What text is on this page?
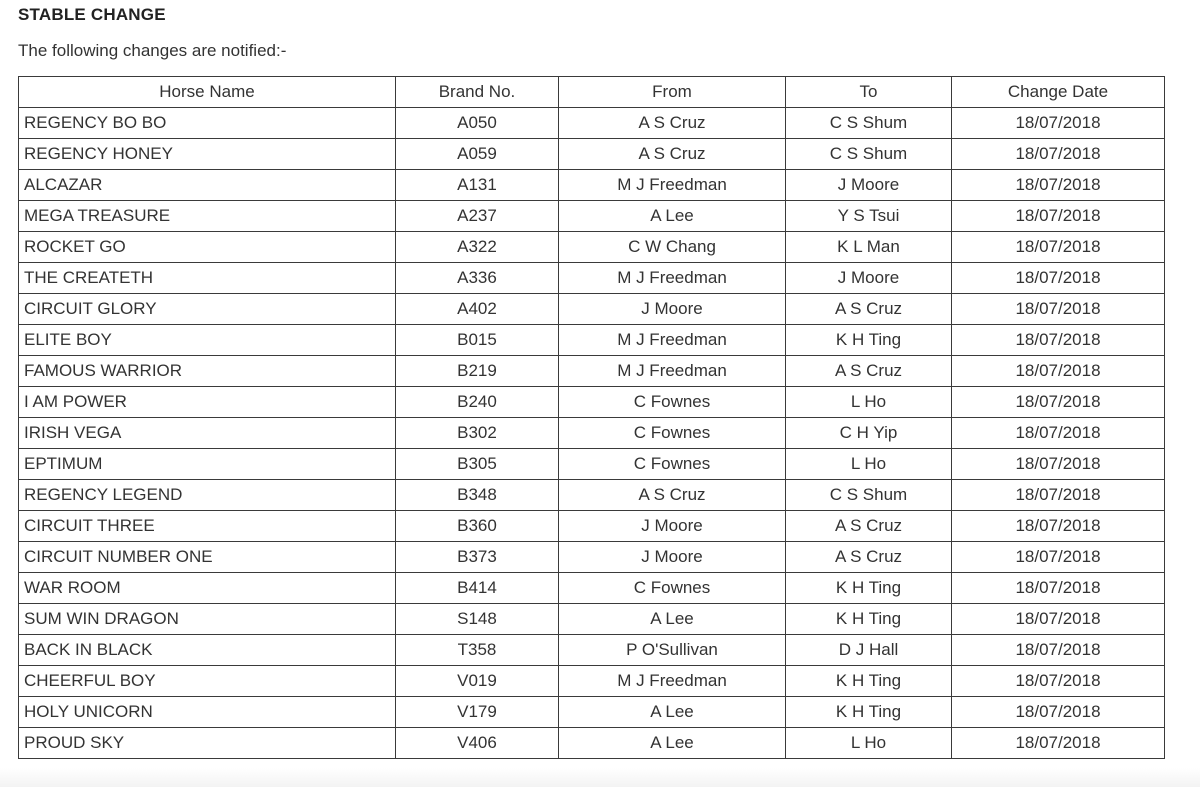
STABLE CHANGE
The following changes are notified:-
Horse Name	Brand No.	From	To	Change Date
REGENCY BO BO	A050	A S Cruz	C S Shum	18/07/2018
REGENCY HONEY	A059	A S Cruz	C S Shum	18/07/2018
ALCAZAR	A131	M J Freedman	J Moore	18/07/2018
MEGA TREASURE	A237	A Lee	Y S Tsui	18/07/2018
ROCKET GO	A322	C W Chang	K L Man	18/07/2018
THE CREATETH	A336	M J Freedman	J Moore	18/07/2018
CIRCUIT GLORY	A402	J Moore	A S Cruz	18/07/2018
ELITE BOY	B015	M J Freedman	K H Ting	18/07/2018
FAMOUS WARRIOR	B219	M J Freedman	A S Cruz	18/07/2018
I AM POWER	B240	C Fownes	L Ho	18/07/2018
IRISH VEGA	B302	C Fownes	C H Yip	18/07/2018
EPTIMUM	B305	C Fownes	L Ho	18/07/2018
REGENCY LEGEND	B348	A S Cruz	C S Shum	18/07/2018
CIRCUIT THREE	B360	J Moore	A S Cruz	18/07/2018
CIRCUIT NUMBER ONE	B373	J Moore	A S Cruz	18/07/2018
WAR ROOM	B414	C Fownes	K H Ting	18/07/2018
SUM WIN DRAGON	S148	A Lee	K H Ting	18/07/2018
BACK IN BLACK	T358	P O'Sullivan	D J Hall	18/07/2018
CHEERFUL BOY	V019	M J Freedman	K H Ting	18/07/2018
HOLY UNICORN	V179	A Lee	K H Ting	18/07/2018
PROUD SKY	V406	A Lee	L Ho	18/07/2018
